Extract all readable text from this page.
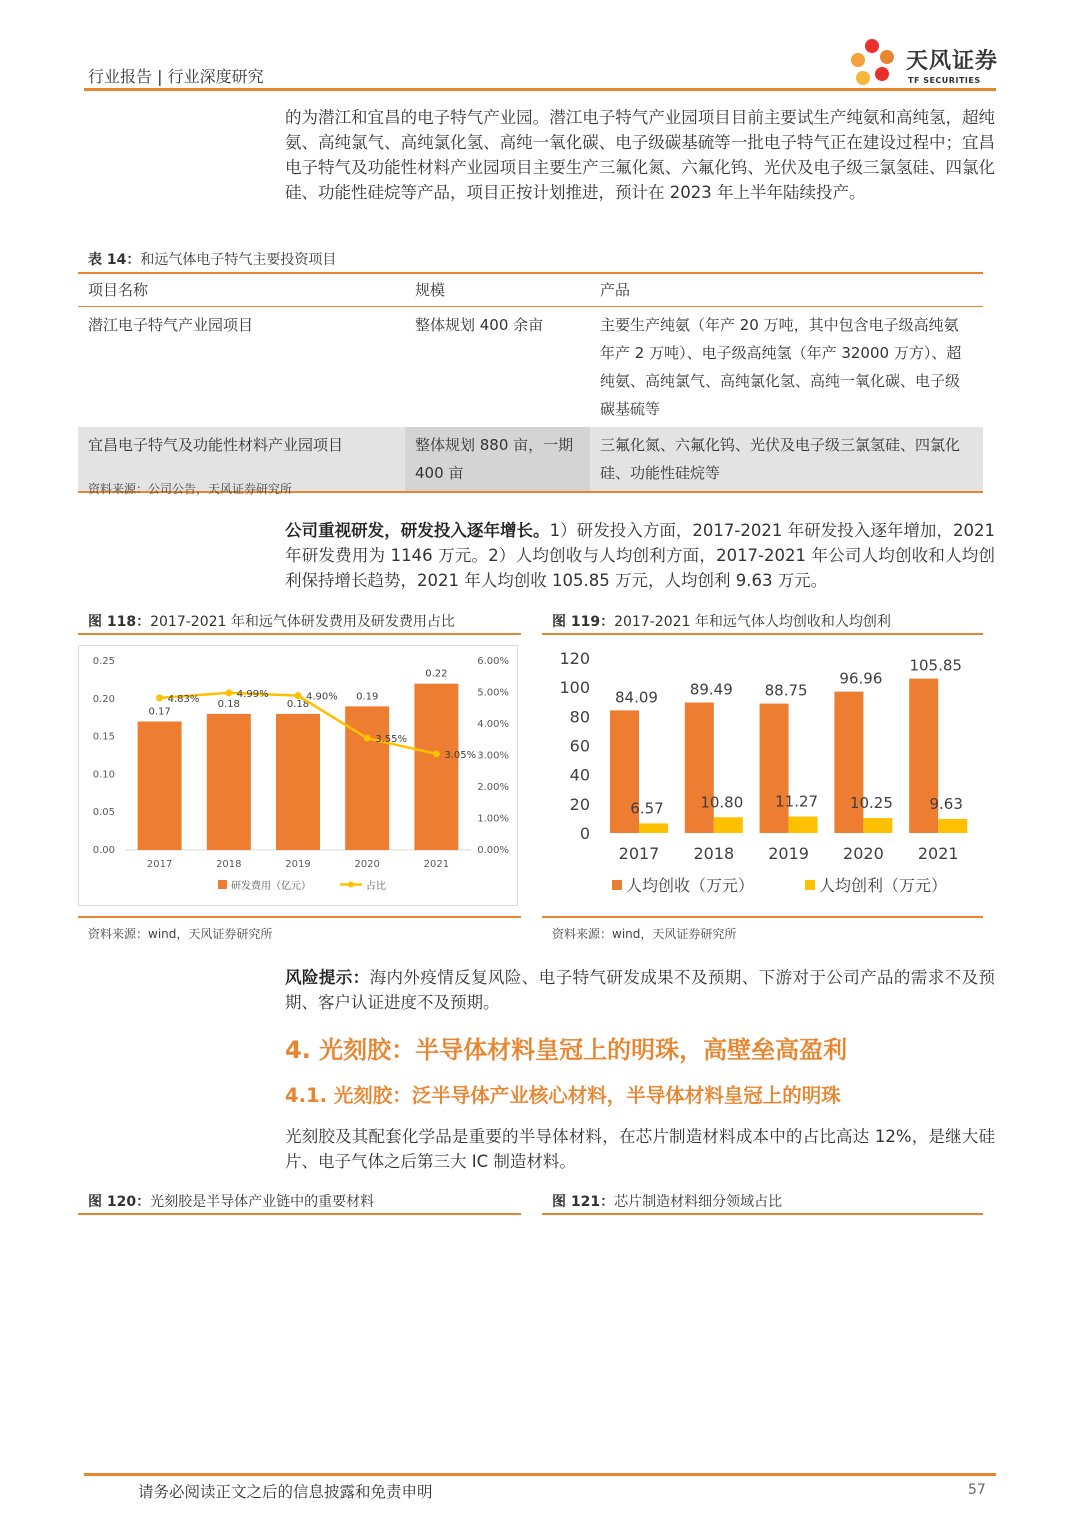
行业报告 | 行业深度研究
天风证券
TF SECURITIES
的为潜江和宜昌的电子特气产业园。潜江电子特气产业园项目目前主要试生产纯氨和高纯氢，超纯氨、高纯氯气、高纯氯化氢、高纯一氧化碳、电子级碳基硫等一批电子特气正在建设过程中；宜昌电子特气及功能性材料产业园项目主要生产三氟化氮、六氟化钨、光伏及电子级三氯氢硅、四氯化硅、功能性硅烷等产品，项目正按计划推进，预计在 2023 年上半年陆续投产。
表 14：和远气体电子特气主要投资项目
项目名称	规模	产品
潜江电子特气产业园项目	整体规划 400 余亩	主要生产纯氨（年产 20 万吨，其中包含电子级高纯氨年产 2 万吨）、电子级高纯氢（年产 32000 万方）、超纯氨、高纯氯气、高纯氯化氢、高纯一氧化碳、电子级碳基硫等
宜昌电子特气及功能性材料产业园项目	整体规划 880 亩，一期 400 亩	三氟化氮、六氟化钨、光伏及电子级三氯氢硅、四氯化硅、功能性硅烷等
资料来源：公司公告，天风证券研究所
公司重视研发，研发投入逐年增长。1）研发投入方面，2017-2021 年研发投入逐年增加，2021 年研发费用为 1146 万元。2）人均创收与人均创利方面，2017-2021 年公司人均创收和人均创利保持增长趋势，2021 年人均创收 105.85 万元，人均创利 9.63 万元。
图 118：2017-2021 年和远气体研发费用及研发费用占比	图 119：2017-2021 年和远气体人均创收和人均创利
0.00
0.05
0.10
0.15
0.20
0.25
0.00%
1.00%
2.00%
3.00%
4.00%
5.00%
6.00%
0.17
2017
0.18
2018
0.18
2019
0.19
2020
0.22
2021
4.83%	4.99%	4.90%
3.55%
3.05%
研发费用（亿元）	占比
资料来源：wind，天风证券研究所
0
20
40
60
80
100
120
84.09
6.57
2017
89.49
10.80
2018
88.75
11.27
2019
96.96
10.25
2020
105.85
9.63
2021
人均创收（万元）	人均创利（万元）
资料来源：wind，天风证券研究所
风险提示：海内外疫情反复风险、电子特气研发成果不及预期、下游对于公司产品的需求不及预期、客户认证进度不及预期。
4. 光刻胶：半导体材料皇冠上的明珠，高壁垒高盈利
4.1. 光刻胶：泛半导体产业核心材料，半导体材料皇冠上的明珠
光刻胶及其配套化学品是重要的半导体材料，在芯片制造材料成本中的占比高达 12%，是继大硅片、电子气体之后第三大 IC 制造材料。
图 120：光刻胶是半导体产业链中的重要材料	图 121：芯片制造材料细分领域占比
请务必阅读正文之后的信息披露和免责申明	57
